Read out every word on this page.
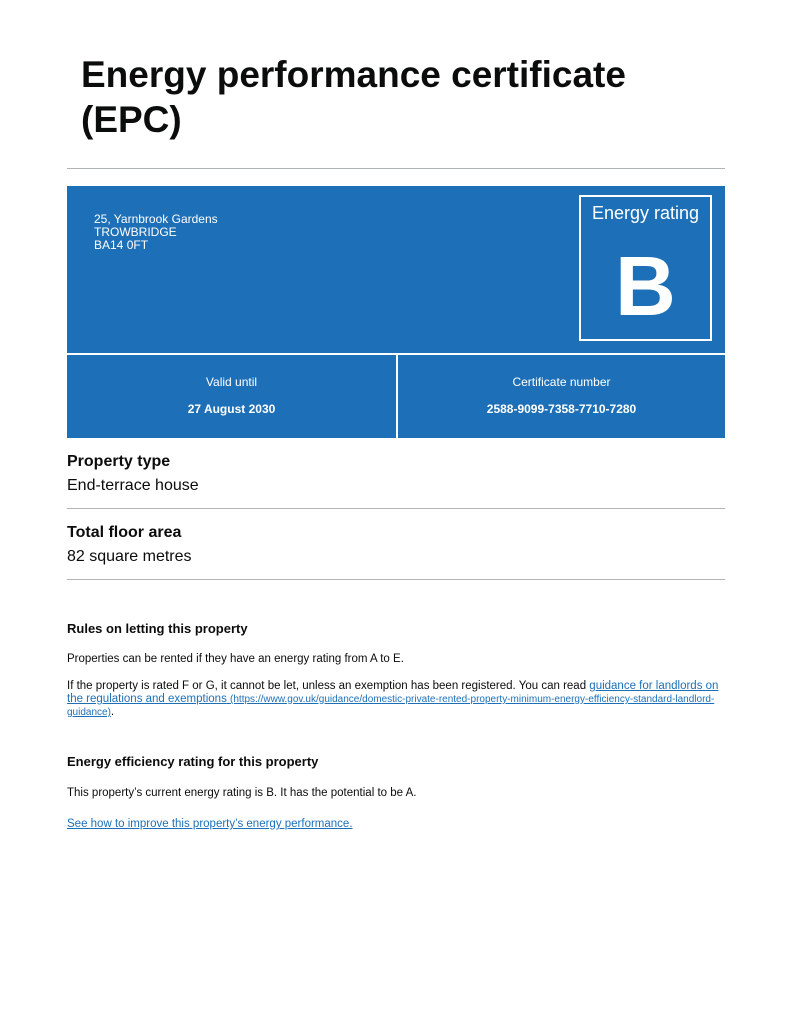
Energy performance certificate (EPC)
25, Yarnbrook Gardens
TROWBRIDGE
BA14 0FT
Energy rating
B
Valid until
27 August 2030
Certificate number
2588-9099-7358-7710-7280
Property type
End-terrace house
Total floor area
82 square metres
Rules on letting this property

Properties can be rented if they have an energy rating from A to E.

If the property is rated F or G, it cannot be let, unless an exemption has been registered. You can read guidance for landlords on the regulations and exemptions (https://www.gov.uk/guidance/domestic-private-rented-property-minimum-energy-efficiency-standard-landlord-guidance).

Energy efficiency rating for this property

This property’s current energy rating is B. It has the potential to be A.

See how to improve this property’s energy performance.
